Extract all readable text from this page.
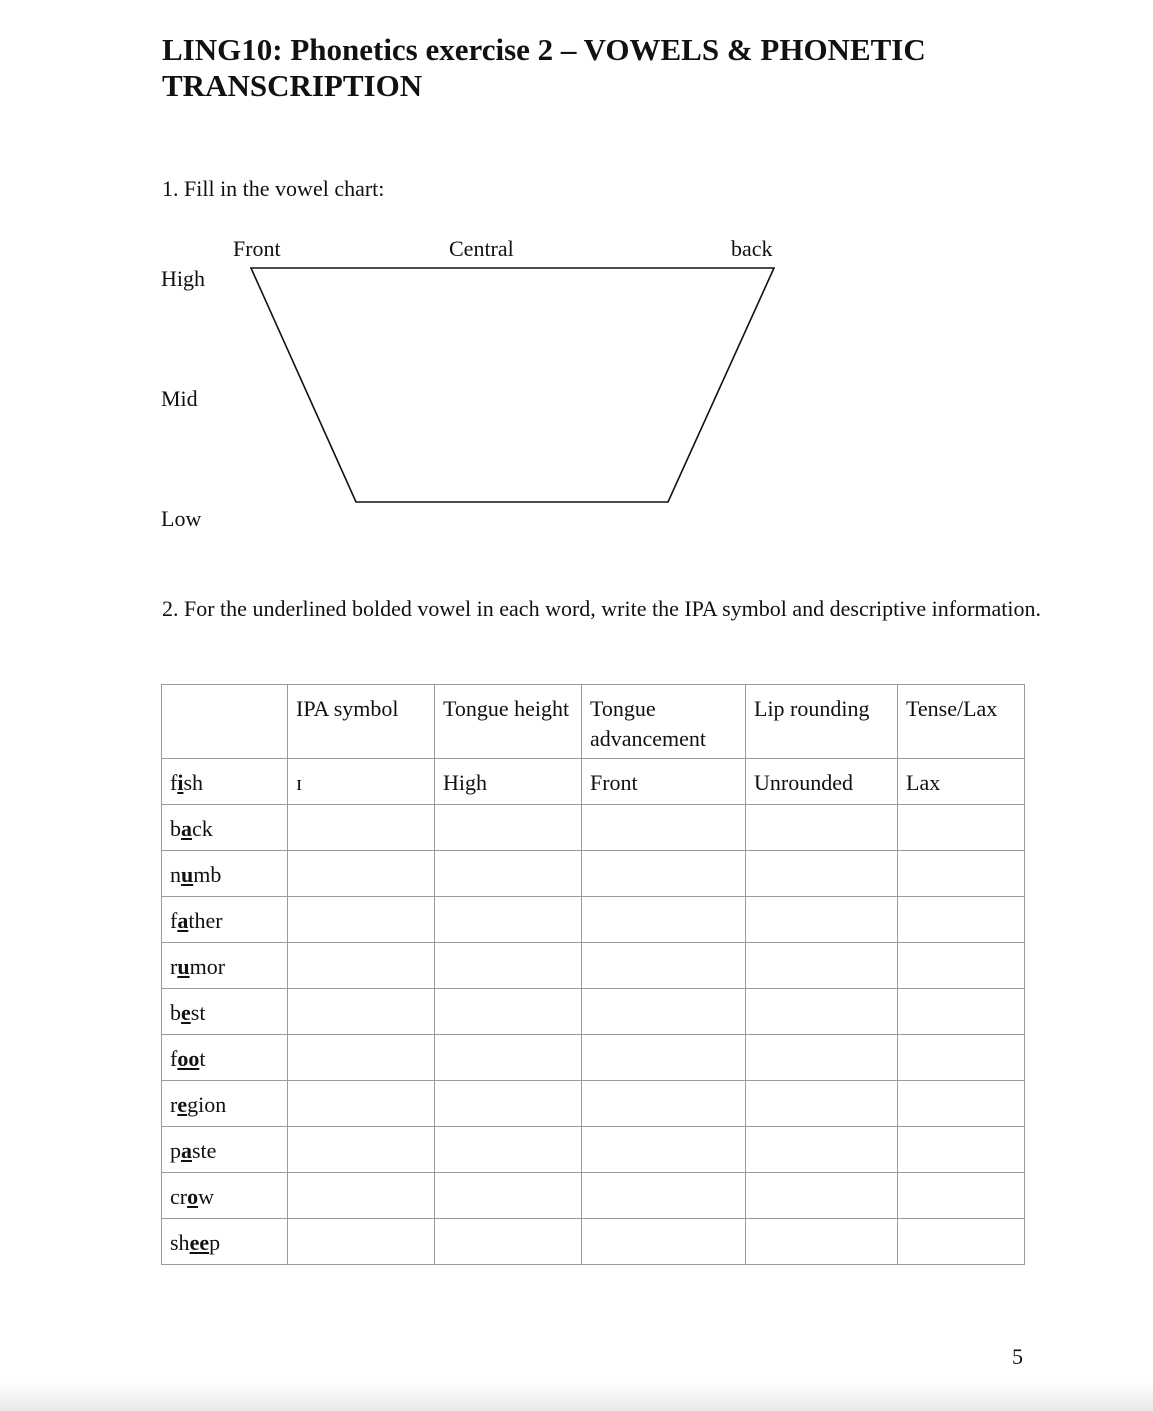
LING10: Phonetics exercise 2 – VOWELS & PHONETIC TRANSCRIPTION
1. Fill in the vowel chart:
Front	Central	back
High
Mid
Low
2. For the underlined bolded vowel in each word, write the IPA symbol and descriptive information.
	IPA symbol	Tongue height	Tongue advancement	Lip rounding	Tense/Lax
fish	ɪ	High	Front	Unrounded	Lax
back					
numb					
father					
rumor					
best					
foot					
region					
paste					
crow					
sheep					
5
